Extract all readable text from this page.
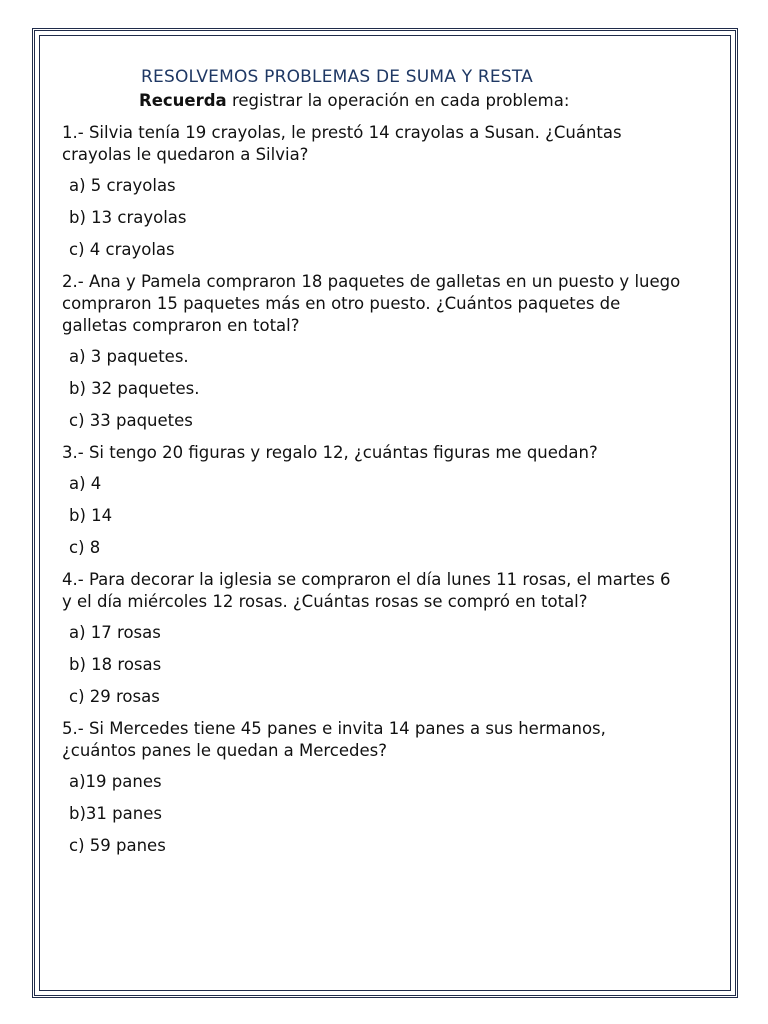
RESOLVEMOS PROBLEMAS DE SUMA Y RESTA
Recuerda registrar la operación en cada problema:
1.- Silvia tenía 19 crayolas, le prestó 14 crayolas a Susan. ¿Cuántas crayolas le quedaron a Silvia?
a) 5 crayolas
b) 13 crayolas
c) 4 crayolas
2.- Ana y Pamela compraron 18 paquetes de galletas en un puesto y luego compraron 15 paquetes más en otro puesto. ¿Cuántos paquetes de galletas compraron en total?
a) 3 paquetes.
b) 32 paquetes.
c) 33 paquetes
3.- Si tengo 20 figuras y regalo 12, ¿cuántas figuras me quedan?
a) 4
b) 14
c) 8
4.- Para decorar la iglesia se compraron el día lunes 11 rosas, el martes 6 y el día miércoles 12 rosas. ¿Cuántas rosas se compró en total?
a) 17 rosas
b) 18 rosas
c) 29 rosas
5.- Si Mercedes tiene 45 panes e invita 14 panes a sus hermanos, ¿cuántos panes le quedan a Mercedes?
a)19 panes
b)31 panes
c) 59 panes
